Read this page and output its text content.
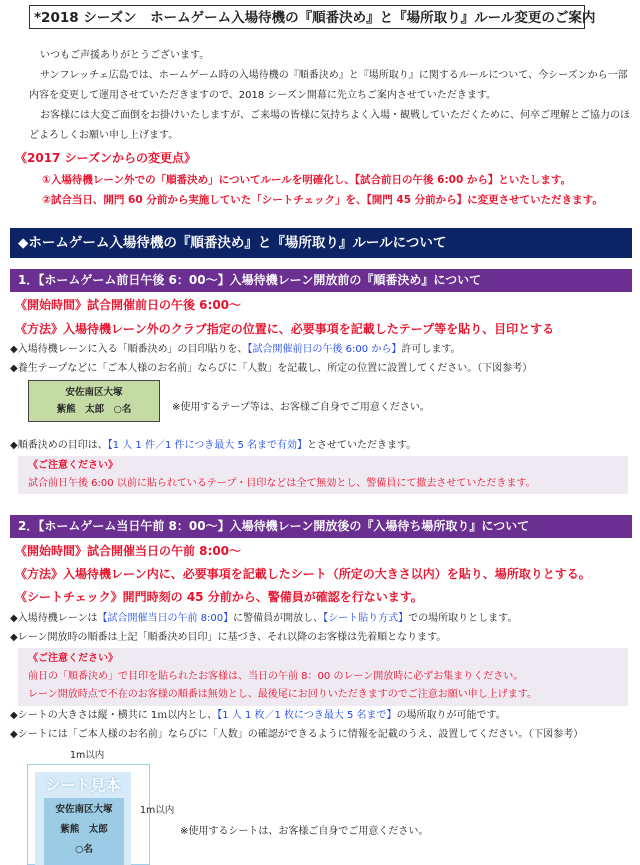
*2018 シーズン　ホームゲーム入場待機の『順番決め』と『場所取り』ルール変更のご案内
いつもご声援ありがとうございます。
サンフレッチェ広島では、ホームゲーム時の入場待機の『順番決め』と『場所取り』に関するルールについて、今シーズンから一部
内容を変更して運用させていただきますので、2018 シーズン開幕に先立ちご案内させていただきます。
お客様には大変ご面倒をお掛けいたしますが、ご来場の皆様に気持ちよく入場・観戦していただくために、何卒ご理解とご協力のほ
どよろしくお願い申し上げます。
《2017 シーズンからの変更点》
①入場待機レーン外での「順番決め」についてルールを明確化し、【試合前日の午後 6:00 から】といたします。
②試合当日、開門 60 分前から実施していた「シートチェック」を、【開門 45 分前から】に変更させていただきます。
◆ホームゲーム入場待機の『順番決め』と『場所取り』ルールについて
1．【ホームゲーム前日午後 6：00～】入場待機レーン開放前の『順番決め』について
《開始時間》試合開催前日の午後 6:00～
《方法》入場待機レーン外のクラブ指定の位置に、必要事項を記載したテープ等を貼り、目印とする
◆入場待機レーンに入る「順番決め」の目印貼りを、【試合開催前日の午後 6:00 から】許可します。
◆養生テープなどに「ご本人様のお名前」ならびに「人数」を記載し、所定の位置に設置してください。（下図参考）
安佐南区大塚
紫熊　太郎　○名	※使用するテープ等は、お客様ご自身でご用意ください。
◆順番決めの目印は、【1 人 1 件／1 件につき最大 5 名まで有効】とさせていただきます。
《ご注意ください》
試合前日午後 6:00 以前に貼られているテープ・目印などは全て無効とし、警備員にて撤去させていただきます。
2．【ホームゲーム当日午前 8：00～】入場待機レーン開放後の『入場待ち場所取り』について
《開始時間》試合開催当日の午前 8:00～
《方法》入場待機レーン内に、必要事項を記載したシート（所定の大きさ以内）を貼り、場所取りとする。
《シートチェック》開門時刻の 45 分前から、警備員が確認を行ないます。
◆入場待機レーンは【試合開催当日の午前 8:00】に警備員が開放し、【シート貼り方式】での場所取りとします。
◆レーン開放時の順番は上記「順番決め目印」に基づき、それ以降のお客様は先着順となります。
《ご注意ください》
前日の「順番決め」で目印を貼られたお客様は、当日の午前 8：00 のレーン開放時に必ずお集まりください。
レーン開放時点で不在のお客様の順番は無効とし、最後尾にお回りいただきますのでご注意お願い申し上げます。
◆シートの大きさは縦・横共に 1ｍ以内とし、【1 人 1 枚／1 枚につき最大 5 名まで】の場所取りが可能です。
◆シートには「ご本人様のお名前」ならびに「人数」の確認ができるように情報を記載のうえ、設置してください。（下図参考）
1m以内
シート見本
安佐南区大塚
紫熊　太郎
○名
1m以内
※使用するシートは、お客様ご自身でご用意ください。
